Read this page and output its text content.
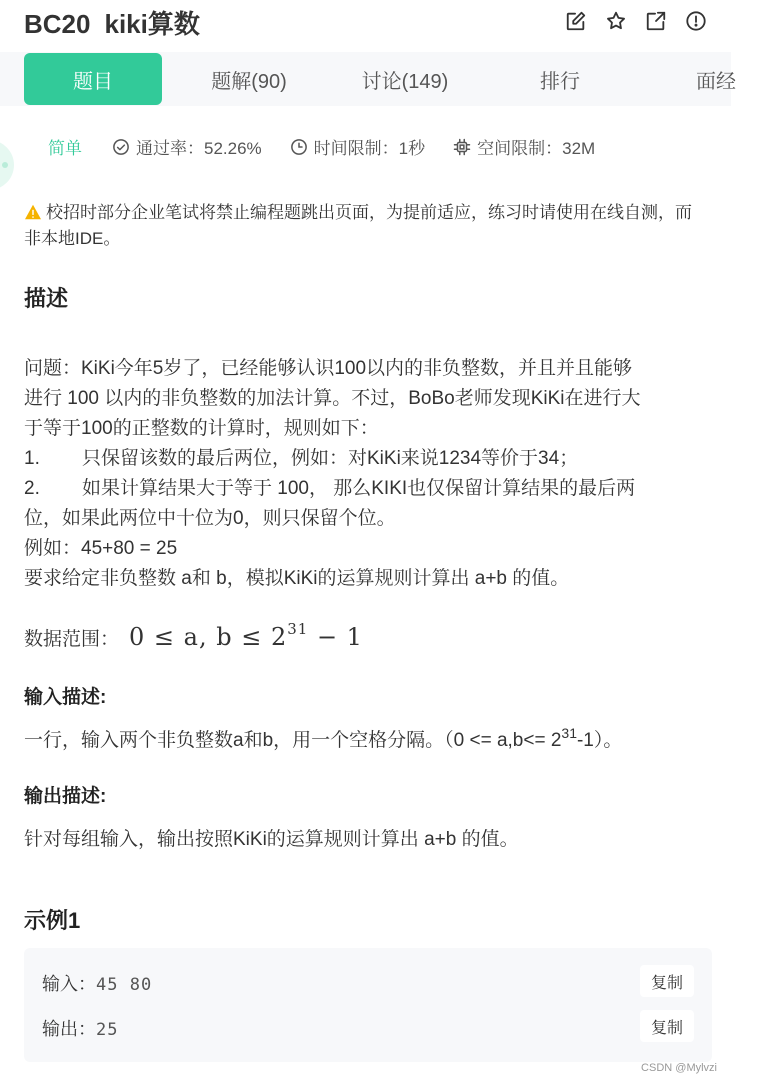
BC20 kiki算数
题目	题解(90)	讨论(149)	排行	面经
简单	通过率：52.26%	时间限制：1秒	空间限制：32M
校招时部分企业笔试将禁止编程题跳出页面，为提前适应，练习时请使用在线自测，而非本地IDE。
描述
问题：KiKi今年5岁了，已经能够认识100以内的非负整数，并且并且能够
进行 100 以内的非负整数的加法计算。不过，BoBo老师发现KiKi在进行大
于等于100的正整数的计算时，规则如下：
1. 只保留该数的最后两位，例如：对KiKi来说1234等价于34；
2. 如果计算结果大于等于 100， 那么KIKI也仅保留计算结果的最后两
位，如果此两位中十位为0，则只保留个位。
例如：45+80 = 25
要求给定非负整数 a和 b，模拟KiKi的运算规则计算出 a+b 的值。
数据范围： 0 ≤ a, $b \le 2^{31} - 1$
输入描述:
一行，输入两个非负整数a和b，用一个空格分隔。$(0 <= a,b<= 2^{31}-1)$。
输出描述:
针对每组输入，输出按照KiKi的运算规则计算出 a+b 的值。
示例1
输入：45 80	复制
输出：25	复制
CSDN @Mylvzi
